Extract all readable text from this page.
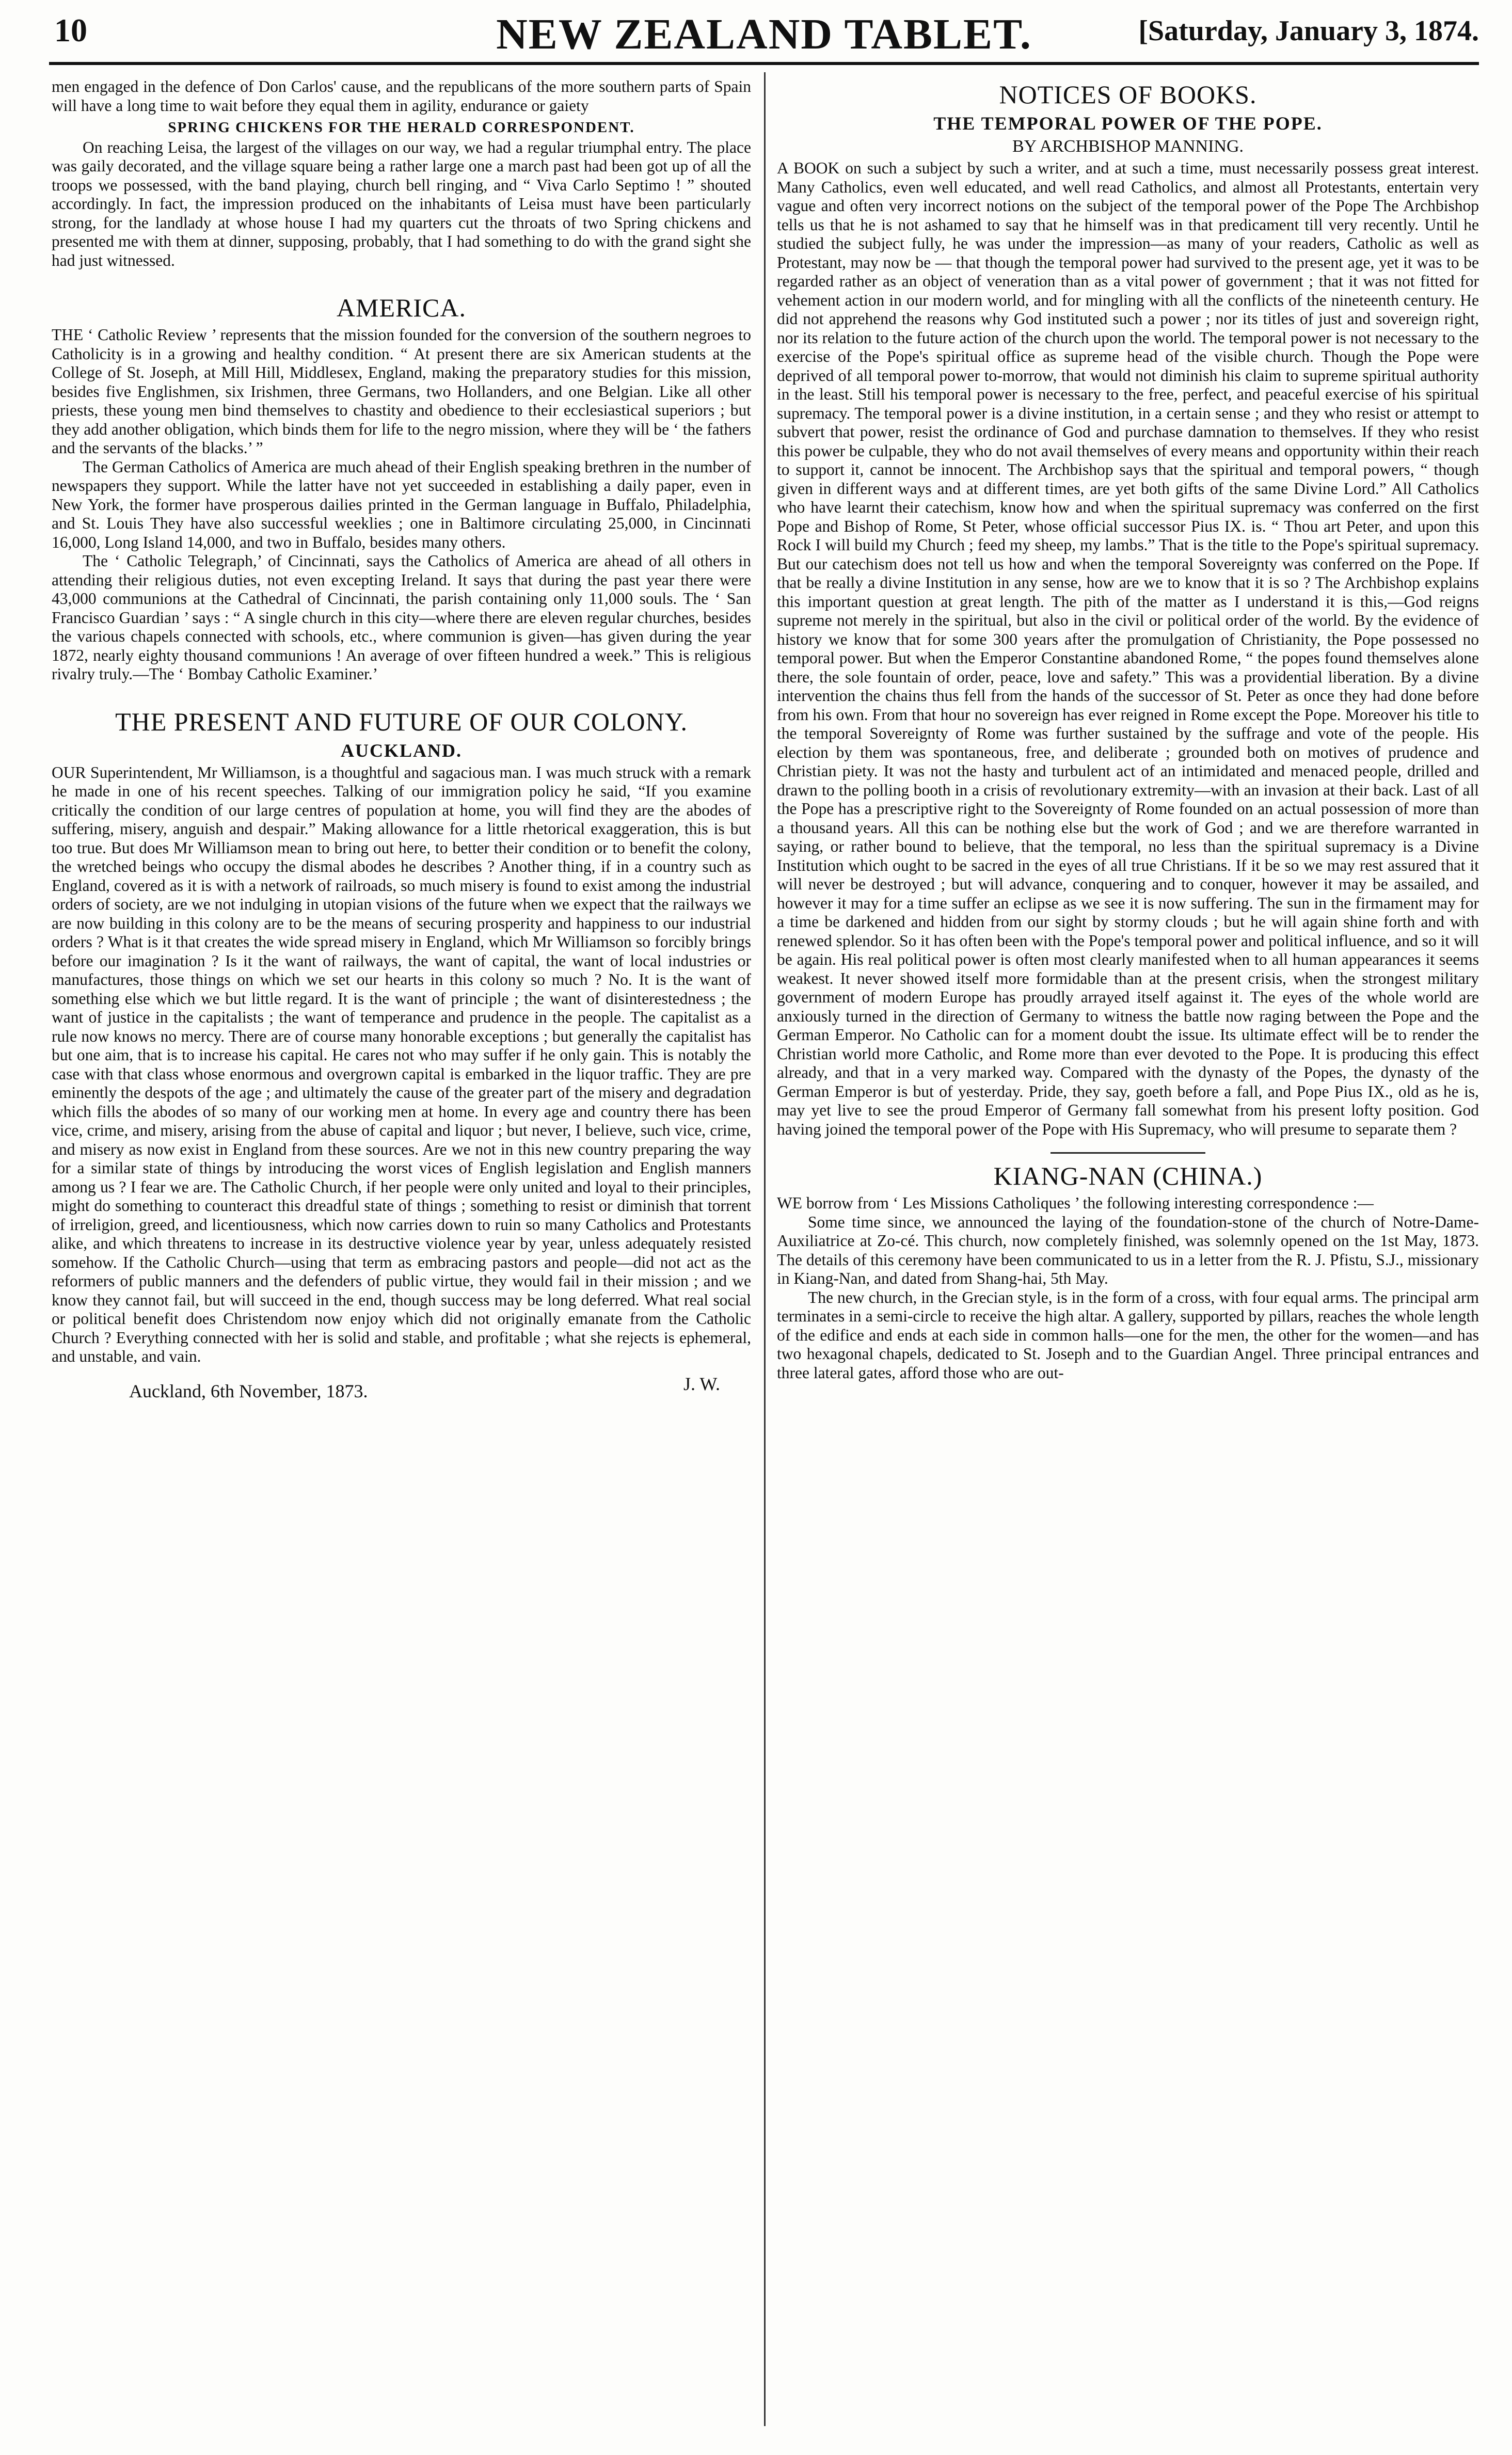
10	NEW ZEALAND TABLET.	[Saturday, January 3, 1874.

men engaged in the defence of Don Carlos' cause, and the republicans of the more southern parts of Spain will have a long time to wait before they equal them in agility, endurance or gaiety

SPRING CHICKENS FOR THE HERALD CORRESPONDENT.

On reaching Leisa, the largest of the villages on our way, we had a regular triumphal entry. The place was gaily decorated, and the village square being a rather large one a march past had been got up of all the troops we possessed, with the band playing, church bell ringing, and “ Viva Carlo Septimo ! ” shouted accordingly. In fact, the impression produced on the inhabitants of Leisa must have been particularly strong, for the landlady at whose house I had my quarters cut the throats of two Spring chickens and presented me with them at dinner, supposing, probably, that I had something to do with the grand sight she had just witnessed.

AMERICA.

THE ‘ Catholic Review ’ represents that the mission founded for the conversion of the southern negroes to Catholicity is in a growing and healthy condition. “ At present there are six American students at the College of St. Joseph, at Mill Hill, Middlesex, England, making the preparatory studies for this mission, besides five Englishmen, six Irishmen, three Germans, two Hollanders, and one Belgian. Like all other priests, these young men bind themselves to chastity and obedience to their ecclesiastical superiors ; but they add another obligation, which binds them for life to the negro mission, where they will be ‘ the fathers and the servants of the blacks.’ ”

The German Catholics of America are much ahead of their English speaking brethren in the number of newspapers they support. While the latter have not yet succeeded in establishing a daily paper, even in New York, the former have prosperous dailies printed in the German language in Buffalo, Philadelphia, and St. Louis They have also successful weeklies ; one in Baltimore circulating 25,000, in Cincinnati 16,000, Long Island 14,000, and two in Buffalo, besides many others.

The ‘ Catholic Telegraph,’ of Cincinnati, says the Catholics of America are ahead of all others in attending their religious duties, not even excepting Ireland. It says that during the past year there were 43,000 communions at the Cathedral of Cincinnati, the parish containing only 11,000 souls. The ‘ San Francisco Guardian ’ says : “ A single church in this city—where there are eleven regular churches, besides the various chapels connected with schools, etc., where communion is given—has given during the year 1872, nearly eighty thousand communions ! An average of over fifteen hundred a week.” This is religious rivalry truly.—The ‘ Bombay Catholic Examiner.’

THE PRESENT AND FUTURE OF OUR COLONY.
AUCKLAND.

OUR Superintendent, Mr Williamson, is a thoughtful and sagacious man. I was much struck with a remark he made in one of his recent speeches. Talking of our immigration policy he said, “If you examine critically the condition of our large centres of population at home, you will find they are the abodes of suffering, misery, anguish and despair.” Making allowance for a little rhetorical exaggeration, this is but too true. But does Mr Williamson mean to bring out here, to better their condition or to benefit the colony, the wretched beings who occupy the dismal abodes he describes ? Another thing, if in a country such as England, covered as it is with a network of railroads, so much misery is found to exist among the industrial orders of society, are we not indulging in utopian visions of the future when we expect that the railways we are now building in this colony are to be the means of securing prosperity and happiness to our industrial orders ? What is it that creates the wide spread misery in England, which Mr Williamson so forcibly brings before our imagination ? Is it the want of railways, the want of capital, the want of local industries or manufactures, those things on which we set our hearts in this colony so much ? No. It is the want of something else which we but little regard. It is the want of principle ; the want of disinterestedness ; the want of justice in the capitalists ; the want of temperance and prudence in the people. The capitalist as a rule now knows no mercy. There are of course many honorable exceptions ; but generally the capitalist has but one aim, that is to increase his capital. He cares not who may suffer if he only gain. This is notably the case with that class whose enormous and overgrown capital is embarked in the liquor traffic. They are pre eminently the despots of the age ; and ultimately the cause of the greater part of the misery and degradation which fills the abodes of so many of our working men at home. In every age and country there has been vice, crime, and misery, arising from the abuse of capital and liquor ; but never, I believe, such vice, crime, and misery as now exist in England from these sources. Are we not in this new country preparing the way for a similar state of things by introducing the worst vices of English legislation and English manners among us ? I fear we are. The Catholic Church, if her people were only united and loyal to their principles, might do something to counteract this dreadful state of things ; something to resist or diminish that torrent of irreligion, greed, and licentiousness, which now carries down to ruin so many Catholics and Protestants alike, and which threatens to increase in its destructive violence year by year, unless adequately resisted somehow. If the Catholic Church—using that term as embracing pastors and people—did not act as the reformers of public manners and the defenders of public virtue, they would fail in their mission ; and we know they cannot fail, but will succeed in the end, though success may be long deferred. What real social or political benefit does Christendom now enjoy which did not originally emanate from the Catholic Church ? Everything connected with her is solid and stable, and profitable ; what she rejects is ephemeral, and unstable, and vain.

Auckland, 6th November, 1873.	J. W.
NOTICES OF BOOKS.
THE TEMPORAL POWER OF THE POPE.
BY ARCHBISHOP MANNING.

A BOOK on such a subject by such a writer, and at such a time, must necessarily possess great interest. Many Catholics, even well educated, and well read Catholics, and almost all Protestants, entertain very vague and often very incorrect notions on the subject of the temporal power of the Pope The Archbishop tells us that he is not ashamed to say that he himself was in that predicament till very recently. Until he studied the subject fully, he was under the impression—as many of your readers, Catholic as well as Protestant, may now be — that though the temporal power had survived to the present age, yet it was to be regarded rather as an object of veneration than as a vital power of government ; that it was not fitted for vehement action in our modern world, and for mingling with all the conflicts of the nineteenth century. He did not apprehend the reasons why God instituted such a power ; nor its titles of just and sovereign right, nor its relation to the future action of the church upon the world. The temporal power is not necessary to the exercise of the Pope's spiritual office as supreme head of the visible church. Though the Pope were deprived of all temporal power to-morrow, that would not diminish his claim to supreme spiritual authority in the least. Still his temporal power is necessary to the free, perfect, and peaceful exercise of his spiritual supremacy. The temporal power is a divine institution, in a certain sense ; and they who resist or attempt to subvert that power, resist the ordinance of God and purchase damnation to themselves. If they who resist this power be culpable, they who do not avail themselves of every means and opportunity within their reach to support it, cannot be innocent. The Archbishop says that the spiritual and temporal powers, “ though given in different ways and at different times, are yet both gifts of the same Divine Lord.” All Catholics who have learnt their catechism, know how and when the spiritual supremacy was conferred on the first Pope and Bishop of Rome, St Peter, whose official successor Pius IX. is. “ Thou art Peter, and upon this Rock I will build my Church ; feed my sheep, my lambs.” That is the title to the Pope's spiritual supremacy. But our catechism does not tell us how and when the temporal Sovereignty was conferred on the Pope. If that be really a divine Institution in any sense, how are we to know that it is so ? The Archbishop explains this important question at great length. The pith of the matter as I understand it is this,—God reigns supreme not merely in the spiritual, but also in the civil or political order of the world. By the evidence of history we know that for some 300 years after the promulgation of Christianity, the Pope possessed no temporal power. But when the Emperor Constantine abandoned Rome, “ the popes found themselves alone there, the sole fountain of order, peace, love and safety.” This was a providential liberation. By a divine intervention the chains thus fell from the hands of the successor of St. Peter as once they had done before from his own. From that hour no sovereign has ever reigned in Rome except the Pope. Moreover his title to the temporal Sovereignty of Rome was further sustained by the suffrage and vote of the people. His election by them was spontaneous, free, and deliberate ; grounded both on motives of prudence and Christian piety. It was not the hasty and turbulent act of an intimidated and menaced people, drilled and drawn to the polling booth in a crisis of revolutionary extremity—with an invasion at their back. Last of all the Pope has a prescriptive right to the Sovereignty of Rome founded on an actual possession of more than a thousand years. All this can be nothing else but the work of God ; and we are therefore warranted in saying, or rather bound to believe, that the temporal, no less than the spiritual supremacy is a Divine Institution which ought to be sacred in the eyes of all true Christians. If it be so we may rest assured that it will never be destroyed ; but will advance, conquering and to conquer, however it may be assailed, and however it may for a time suffer an eclipse as we see it is now suffering. The sun in the firmament may for a time be darkened and hidden from our sight by stormy clouds ; but he will again shine forth and with renewed splendor. So it has often been with the Pope's temporal power and political influence, and so it will be again. His real political power is often most clearly manifested when to all human appearances it seems weakest. It never showed itself more formidable than at the present crisis, when the strongest military government of modern Europe has proudly arrayed itself against it. The eyes of the whole world are anxiously turned in the direction of Germany to witness the battle now raging between the Pope and the German Emperor. No Catholic can for a moment doubt the issue. Its ultimate effect will be to render the Christian world more Catholic, and Rome more than ever devoted to the Pope. It is producing this effect already, and that in a very marked way. Compared with the dynasty of the Popes, the dynasty of the German Emperor is but of yesterday. Pride, they say, goeth before a fall, and Pope Pius IX., old as he is, may yet live to see the proud Emperor of Germany fall somewhat from his present lofty position. God having joined the temporal power of the Pope with His Supremacy, who will presume to separate them ?

KIANG-NAN (CHINA.)

WE borrow from ‘ Les Missions Catholiques ’ the following interesting correspondence :—

Some time since, we announced the laying of the foundation-stone of the church of Notre-Dame-Auxiliatrice at Zo-cé. This church, now completely finished, was solemnly opened on the 1st May, 1873. The details of this ceremony have been communicated to us in a letter from the R. J. Pfistu, S.J., missionary in Kiang-Nan, and dated from Shang-hai, 5th May.

The new church, in the Grecian style, is in the form of a cross, with four equal arms. The principal arm terminates in a semi-circle to receive the high altar. A gallery, supported by pillars, reaches the whole length of the edifice and ends at each side in common halls—one for the men, the other for the women—and has two hexagonal chapels, dedicated to St. Joseph and to the Guardian Angel. Three principal entrances and three lateral gates, afford those who are out-
